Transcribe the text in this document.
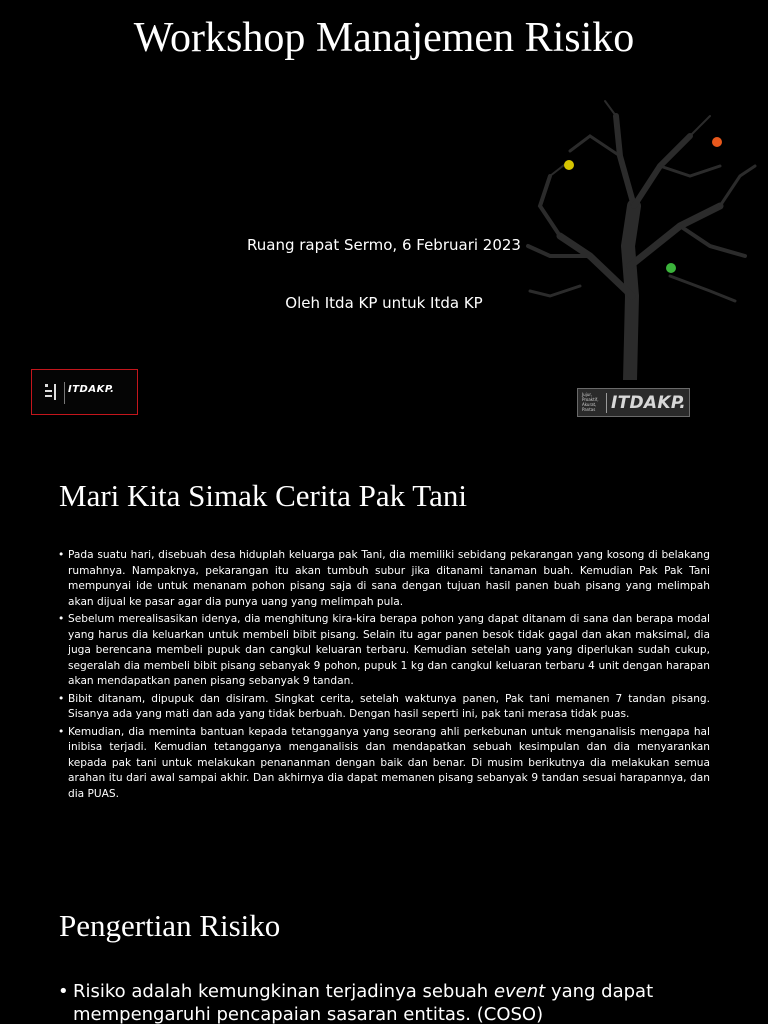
Workshop Manajemen Risiko
Ruang rapat Sermo, 6 Februari 2023
Oleh Itda KP untuk Itda KP
ITDAKP.	Jujur, Proaktif, Akurat, Pantas ITDAKP.
Mari Kita Simak Cerita Pak Tani
• Pada suatu hari, disebuah desa hiduplah keluarga pak Tani, dia memiliki sebidang pekarangan yang kosong di belakang rumahnya. Nampaknya, pekarangan itu akan tumbuh subur jika ditanami tanaman buah. Kemudian Pak Pak Tani mempunyai ide untuk menanam pohon pisang saja di sana dengan tujuan hasil panen buah pisang yang melimpah akan dijual ke pasar agar dia punya uang yang melimpah pula.
• Sebelum merealisasikan idenya, dia menghitung kira-kira berapa pohon yang dapat ditanam di sana dan berapa modal yang harus dia keluarkan untuk membeli bibit pisang. Selain itu agar panen besok tidak gagal dan akan maksimal, dia juga berencana membeli pupuk dan cangkul keluaran terbaru. Kemudian setelah uang yang diperlukan sudah cukup, segeralah dia membeli bibit pisang sebanyak 9 pohon, pupuk 1 kg dan cangkul keluaran terbaru 4 unit dengan harapan akan mendapatkan panen pisang sebanyak 9 tandan.
• Bibit ditanam, dipupuk dan disiram. Singkat cerita, setelah waktunya panen, Pak tani memanen 7 tandan pisang. Sisanya ada yang mati dan ada yang tidak berbuah. Dengan hasil seperti ini, pak tani merasa tidak puas.
• Kemudian, dia meminta bantuan kepada tetangganya yang seorang ahli perkebunan untuk menganalisis mengapa hal inibisa terjadi. Kemudian tetangganya menganalisis dan mendapatkan sebuah kesimpulan dan dia menyarankan kepada pak tani untuk melakukan penananman dengan baik dan benar. Di musim berikutnya dia melakukan semua arahan itu dari awal sampai akhir. Dan akhirnya dia dapat memanen pisang sebanyak 9 tandan sesuai harapannya, dan dia PUAS.
Pengertian Risiko
• Risiko adalah kemungkinan terjadinya sebuah event yang dapat mempengaruhi pencapaian sasaran entitas. (COSO)
